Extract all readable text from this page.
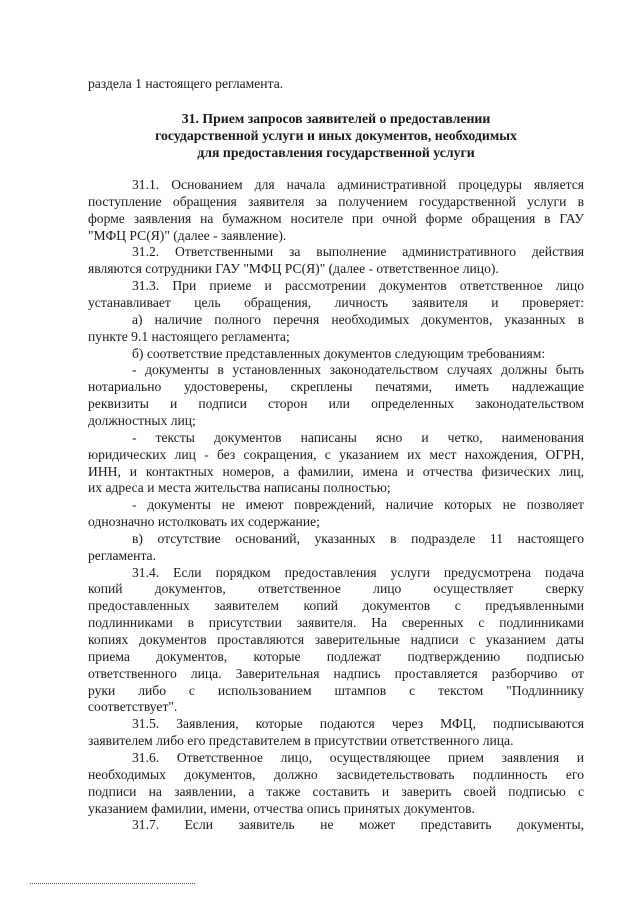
раздела 1 настоящего регламента.
31. Прием запросов заявителей о предоставлении
государственной услуги и иных документов, необходимых
для предоставления государственной услуги
31.1. Основанием для начала административной процедуры является
поступление обращения заявителя за получением государственной услуги в
форме заявления на бумажном носителе при очной форме обращения в ГАУ
"МФЦ РС(Я)" (далее - заявление).
31.2. Ответственными за выполнение административного действия
являются сотрудники ГАУ "МФЦ РС(Я)" (далее - ответственное лицо).
31.3. При приеме и рассмотрении документов ответственное лицо
устанавливает цель обращения, личность заявителя и проверяет:
а) наличие полного перечня необходимых документов, указанных в
пункте 9.1 настоящего регламента;
б) соответствие представленных документов следующим требованиям:
- документы в установленных законодательством случаях должны быть
нотариально удостоверены, скреплены печатями, иметь надлежащие
реквизиты и подписи сторон или определенных законодательством
должностных лиц;
- тексты документов написаны ясно и четко, наименования
юридических лиц - без сокращения, с указанием их мест нахождения, ОГРН,
ИНН, и контактных номеров, а фамилии, имена и отчества физических лиц,
их адреса и места жительства написаны полностью;
- документы не имеют повреждений, наличие которых не позволяет
однозначно истолковать их содержание;
в) отсутствие оснований, указанных в подразделе 11 настоящего
регламента.
31.4. Если порядком предоставления услуги предусмотрена подача
копий документов, ответственное лицо осуществляет сверку
предоставленных заявителем копий документов с предъявленными
подлинниками в присутствии заявителя. На сверенных с подлинниками
копиях документов проставляются заверительные надписи с указанием даты
приема документов, которые подлежат подтверждению подписью
ответственного лица. Заверительная надпись проставляется разборчиво от
руки либо с использованием штампов с текстом "Подлиннику
соответствует".
31.5. Заявления, которые подаются через МФЦ, подписываются
заявителем либо его представителем в присутствии ответственного лица.
31.6. Ответственное лицо, осуществляющее прием заявления и
необходимых документов, должно засвидетельствовать подлинность его
подписи на заявлении, а также составить и заверить своей подписью с
указанием фамилии, имени, отчества опись принятых документов.
31.7. Если заявитель не может представить документы,
